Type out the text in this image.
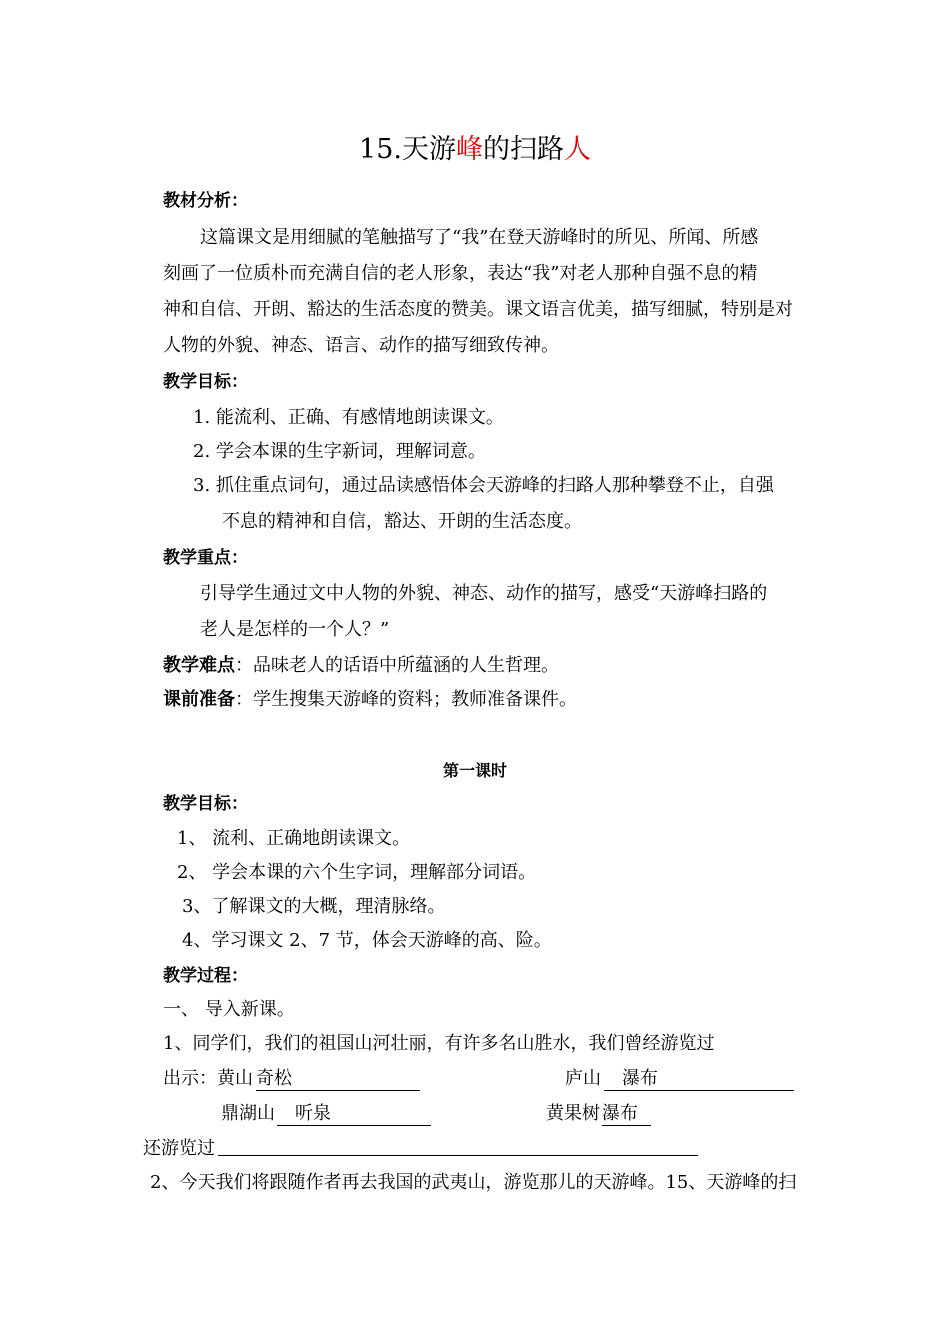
15.天游峰的扫路人
教材分析：
这篇课文是用细腻的笔触描写了“我”在登天游峰时的所见、所闻、所感
刻画了一位质朴而充满自信的老人形象，表达“我”对老人那种自强不息的精
神和自信、开朗、豁达的生活态度的赞美。课文语言优美，描写细腻，特别是对
人物的外貌、神态、语言、动作的描写细致传神。
教学目标：
1. 能流利、正确、有感情地朗读课文。
2. 学会本课的生字新词，理解词意。
3. 抓住重点词句，通过品读感悟体会天游峰的扫路人那种攀登不止，自强
不息的精神和自信，豁达、开朗的生活态度。
教学重点：
引导学生通过文中人物的外貌、神态、动作的描写，感受“天游峰扫路的
老人是怎样的一个人？”
教学难点：品味老人的话语中所蕴涵的人生哲理。
课前准备：学生搜集天游峰的资料；教师准备课件。
第一课时
教学目标：
1、 流利、正确地朗读课文。
2、 学会本课的六个生字词，理解部分词语。
3、了解课文的大概，理清脉络。
4、学习课文 2、7 节，体会天游峰的高、险。
教学过程：
一、 导入新课。
1、同学们，我们的祖国山河壮丽，有许多名山胜水，我们曾经游览过
出示：黄山 奇松	庐山	瀑布
鼎湖山	听泉	黄果树 瀑布
还游览过
2、今天我们将跟随作者再去我国的武夷山，游览那儿的天游峰。15、天游峰的扫
